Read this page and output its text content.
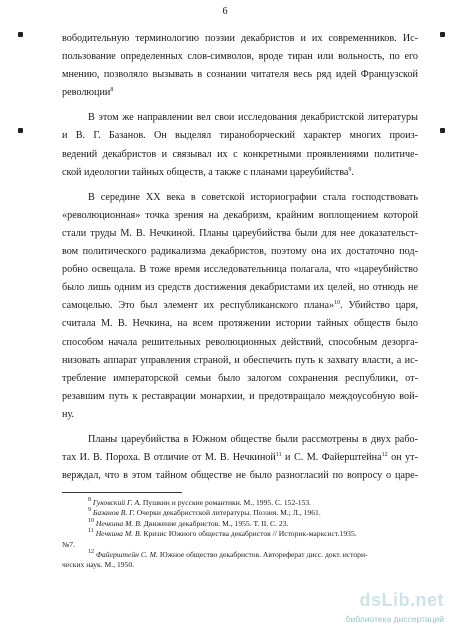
6
вободительную терминологию поэзии декабристов и их современников. Ис-
пользование определенных слов-символов, вроде тиран или вольность, по его
мнению, позволяло вызывать в сознании читателя весь ряд идей Французской
революции$^8$
В этом же направлении вел свои исследования декабристской литературы
и В. Г. Базанов. Он выделял тираноборческий характер многих произ-
ведений декабристов и связывал их с конкретными проявлениями политиче-
ской идеологии тайных обществ, а также с планами цареубийства$^9$.
В середине XX века в советской историографии стала господствовать
«революционная» точка зрения на декабризм, крайним воплощением которой
стали труды М. В. Нечкиной. Планы цареубийства были для нее доказательст-
вом политического радикализма декабристов, поэтому она их достаточно под-
робно освещала. В тоже время исследовательница полагала, что «цареубийство
было лишь одним из средств достижения декабристами их целей, но отнюдь не
самоцелью. Это был элемент их республиканского плана»$^{10}$. Убийство царя,
считала М. В. Нечкина, на всем протяжении истории тайных обществ было
способом начала решительных революционных действий, способным дезорга-
низовать аппарат управления страной, и обеспечить путь к захвату власти, а ис-
требление императорской семьи было залогом сохранения республики, от-
резавшим путь к реставрации монархии, и предотвращало междоусобную вой-
ну.
Планы цареубийства в Южном обществе были рассмотрены в двух рабо-
тах И. В. Пороха. В отличие от М. В. Нечкиной$^{11}$ и С. М. Файерштейна$^{12}$ он ут-
верждал, что в этом тайном обществе не было разногласий по вопросу о царе-
$^8$ Гуковский Г. А. Пушкин и русские романтики. М., 1995. С. 152-153.
$^9$ Базанов В. Г. Очерки декабристской литературы. Поэзия. М.; Л., 1961.
$^{10}$ Нечкина М. В. Движение декабристов. М., 1955. Т. II. С. 23.
$^{11}$ Нечкина М. В. Кризис Южного общества декабристов // Историк-марксист.1935.
№7.
$^{12}$ Файерштейн С. М. Южное общество декабристов. Автореферат дисс. докт. истори-
ческих наук. М., 1950.
dsLib.net
библиотека диссертаций
